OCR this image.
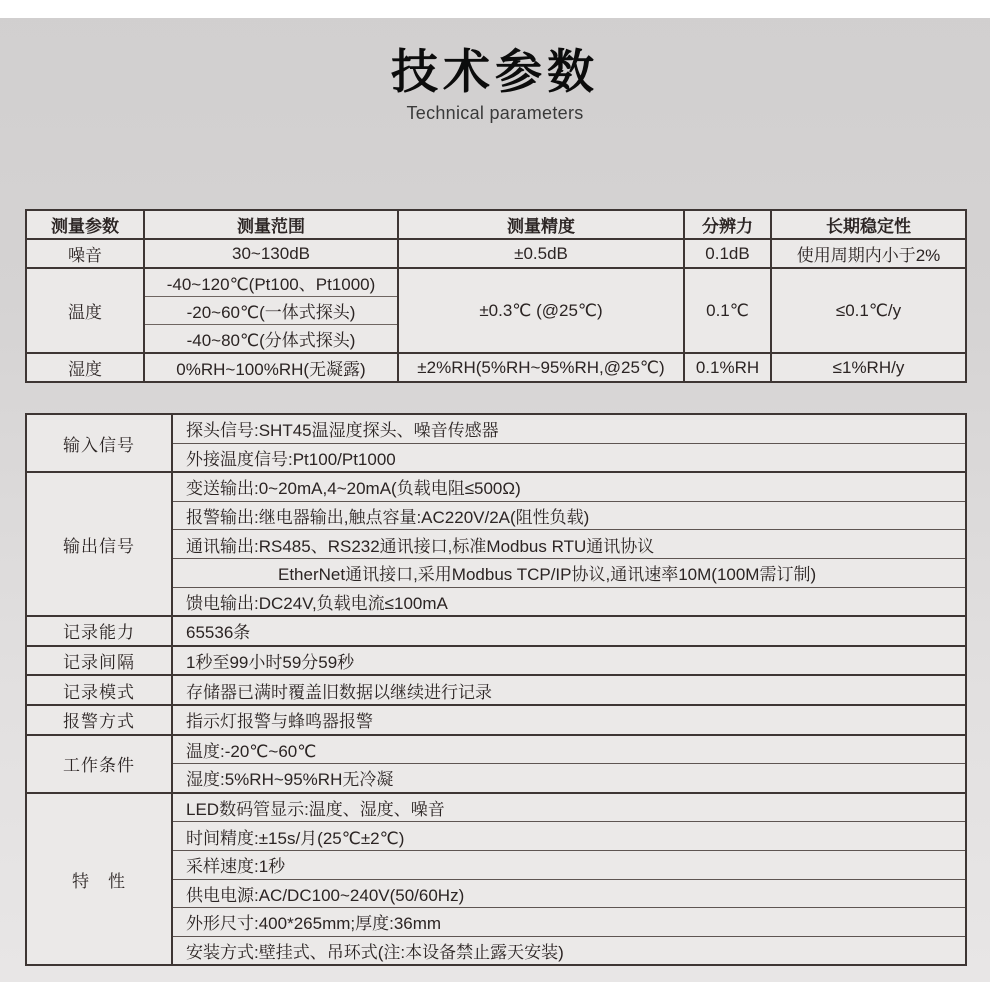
技术参数
Technical parameters
测量参数	测量范围	测量精度	分辨力	长期稳定性
噪音	30~130dB	±0.5dB	0.1dB	使用周期内小于2%
温度	-40~120℃(Pt100、Pt1000)	±0.3℃ (@25℃)	0.1℃	≤0.1℃/y
	-20~60℃(一体式探头)			
	-40~80℃(分体式探头)			
湿度	0%RH~100%RH(无凝露)	±2%RH(5%RH~95%RH,@25℃)	0.1%RH	≤1%RH/y
输入信号	探头信号:SHT45温湿度探头、噪音传感器
	外接温度信号:Pt100/Pt1000
输出信号	变送输出:0~20mA,4~20mA(负载电阻≤500Ω)
	报警输出:继电器输出,触点容量:AC220V/2A(阻性负载)
	通讯输出:RS485、RS232通讯接口,标准Modbus RTU通讯协议
	EtherNet通讯接口,采用Modbus TCP/IP协议,通讯速率10M(100M需订制)
	馈电输出:DC24V,负载电流≤100mA
记录能力	65536条
记录间隔	1秒至99小时59分59秒
记录模式	存储器已满时覆盖旧数据以继续进行记录
报警方式	指示灯报警与蜂鸣器报警
工作条件	温度:-20℃~60℃
	湿度:5%RH~95%RH无冷凝
特　性	LED数码管显示:温度、湿度、噪音
	时间精度:±15s/月(25℃±2℃)
	采样速度:1秒
	供电电源:AC/DC100~240V(50/60Hz)
	外形尺寸:400*265mm;厚度:36mm
	安装方式:壁挂式、吊环式(注:本设备禁止露天安装)
